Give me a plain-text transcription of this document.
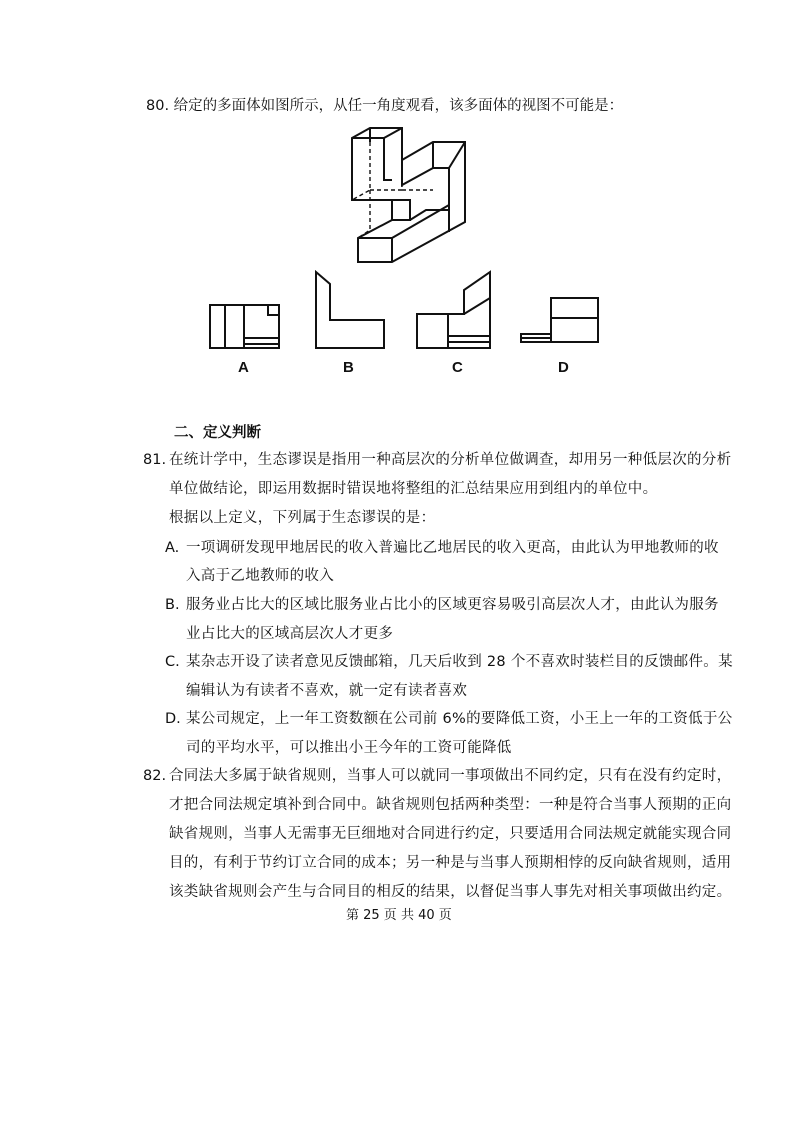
80. 给定的多面体如图所示，从任一角度观看，该多面体的视图不可能是：
A	B	C	D
二、定义判断
81. 在统计学中，生态谬误是指用一种高层次的分析单位做调查，却用另一种低层次的分析
单位做结论，即运用数据时错误地将整组的汇总结果应用到组内的单位中。
根据以上定义，下列属于生态谬误的是：
A. 一项调研发现甲地居民的收入普遍比乙地居民的收入更高，由此认为甲地教师的收
入高于乙地教师的收入
B. 服务业占比大的区域比服务业占比小的区域更容易吸引高层次人才，由此认为服务
业占比大的区域高层次人才更多
C. 某杂志开设了读者意见反馈邮箱，几天后收到 28 个不喜欢时装栏目的反馈邮件。某
编辑认为有读者不喜欢，就一定有读者喜欢
D. 某公司规定，上一年工资数额在公司前 6%的要降低工资，小王上一年的工资低于公
司的平均水平，可以推出小王今年的工资可能降低
82. 合同法大多属于缺省规则，当事人可以就同一事项做出不同约定，只有在没有约定时，
才把合同法规定填补到合同中。缺省规则包括两种类型：一种是符合当事人预期的正向
缺省规则，当事人无需事无巨细地对合同进行约定，只要适用合同法规定就能实现合同
目的，有利于节约订立合同的成本；另一种是与当事人预期相悖的反向缺省规则，适用
该类缺省规则会产生与合同目的相反的结果，以督促当事人事先对相关事项做出约定。
第 25 页 共 40 页
